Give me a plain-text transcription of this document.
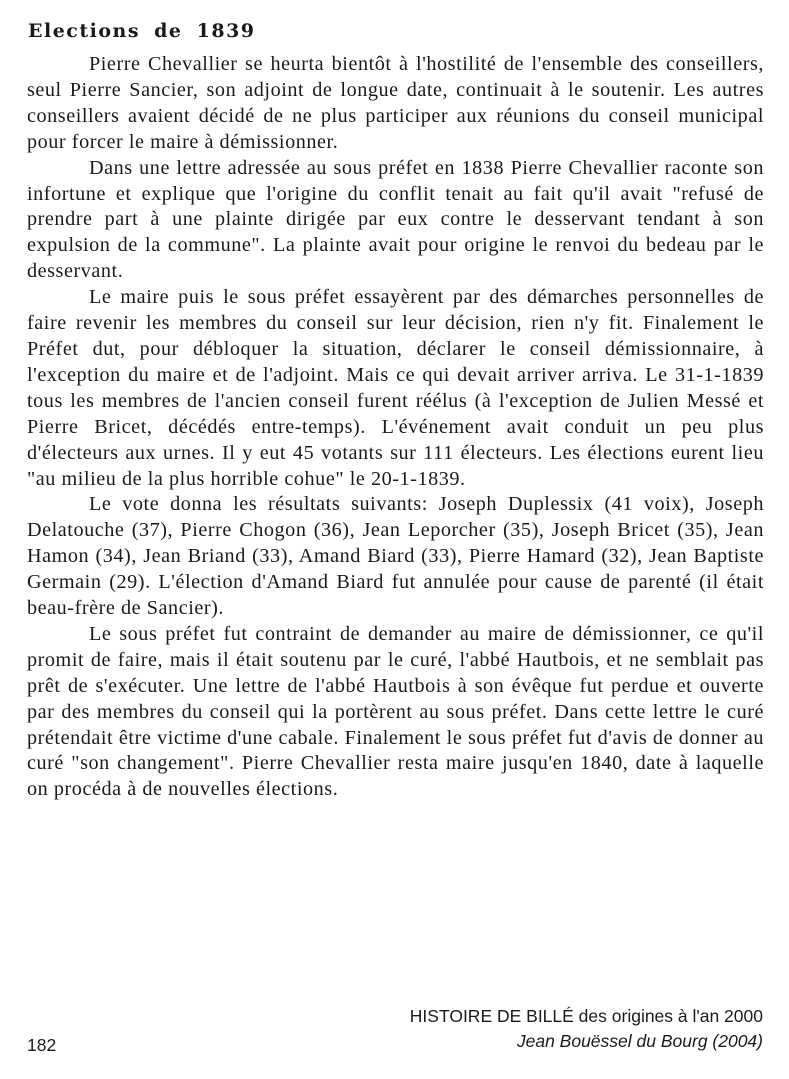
Elections de 1839

Pierre Chevallier se heurta bientôt à l'hostilité de l'ensemble des conseillers, seul Pierre Sancier, son adjoint de longue date, continuait à le soutenir. Les autres conseillers avaient décidé de ne plus participer aux réunions du conseil municipal pour forcer le maire à démissionner.

Dans une lettre adressée au sous préfet en 1838 Pierre Chevallier raconte son infortune et explique que l'origine du conflit tenait au fait qu'il avait "refusé de prendre part à une plainte dirigée par eux contre le desservant tendant à son expulsion de la commune". La plainte avait pour origine le renvoi du bedeau par le desservant.

Le maire puis le sous préfet essayèrent par des démarches personnelles de faire revenir les membres du conseil sur leur décision, rien n'y fit. Finalement le Préfet dut, pour débloquer la situation, déclarer le conseil démissionnaire, à l'exception du maire et de l'adjoint. Mais ce qui devait arriver arriva. Le 31-1-1839 tous les membres de l'ancien conseil furent réélus (à l'exception de Julien Messé et Pierre Bricet, décédés entre-temps). L'événement avait conduit un peu plus d'électeurs aux urnes. Il y eut 45 votants sur 111 électeurs. Les élections eurent lieu "au milieu de la plus horrible cohue" le 20-1-1839.

Le vote donna les résultats suivants: Joseph Duplessix (41 voix), Joseph Delatouche (37), Pierre Chogon (36), Jean Leporcher (35), Joseph Bricet (35), Jean Hamon (34), Jean Briand (33), Amand Biard (33), Pierre Hamard (32), Jean Baptiste Germain (29). L'élection d'Amand Biard fut annulée pour cause de parenté (il était beau-frère de Sancier).

Le sous préfet fut contraint de demander au maire de démissionner, ce qu'il promit de faire, mais il était soutenu par le curé, l'abbé Hautbois, et ne semblait pas prêt de s'exécuter. Une lettre de l'abbé Hautbois à son évêque fut perdue et ouverte par des membres du conseil qui la portèrent au sous préfet. Dans cette lettre le curé prétendait être victime d'une cabale. Finalement le sous préfet fut d'avis de donner au curé "son changement". Pierre Chevallier resta maire jusqu'en 1840, date à laquelle on procéda à de nouvelles élections.

HISTOIRE DE BILLÉ des origines à l'an 2000
Jean Bouëssel du Bourg (2004)
182
